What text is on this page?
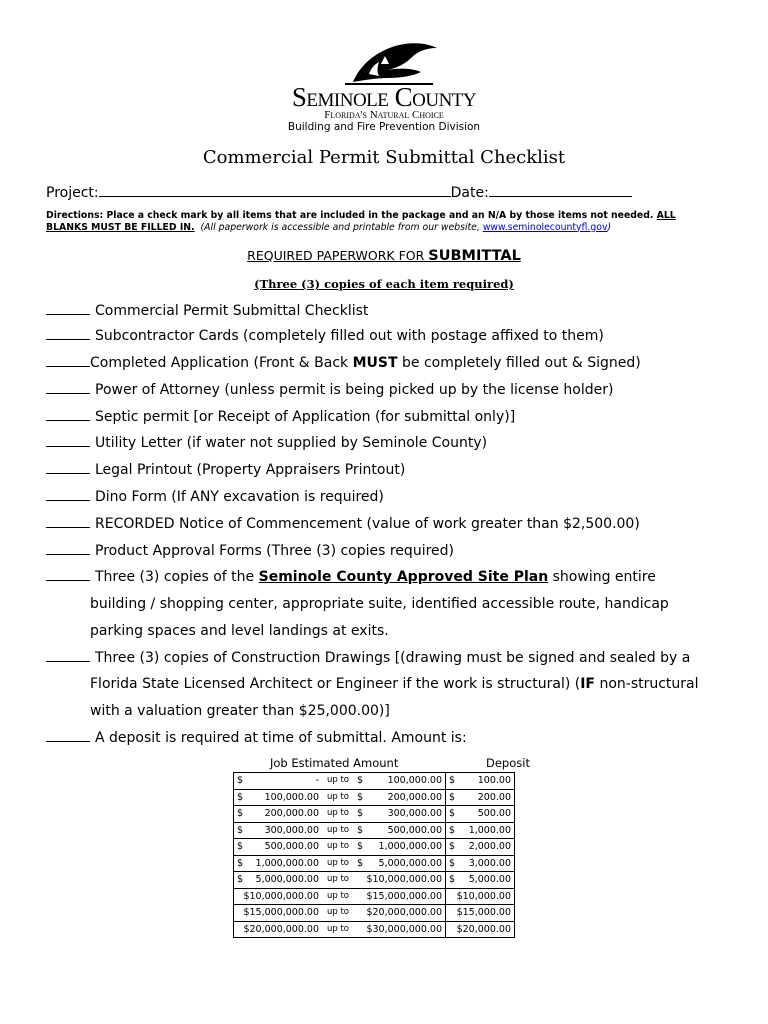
Seminole County
Florida's Natural Choice
Building and Fire Prevention Division
Commercial Permit Submittal Checklist
Project:	Date:
Directions: Place a check mark by all items that are included in the package and an N/A by those items not needed. ALL BLANKS MUST BE FILLED IN. (All paperwork is accessible and printable from our website, www.seminolecountyfl.gov)
REQUIRED PAPERWORK FOR SUBMITTAL
(Three (3) copies of each item required)
Commercial Permit Submittal Checklist
Subcontractor Cards (completely filled out with postage affixed to them)
Completed Application (Front & Back MUST be completely filled out & Signed)
Power of Attorney (unless permit is being picked up by the license holder)
Septic permit [or Receipt of Application (for submittal only)]
Utility Letter (if water not supplied by Seminole County)
Legal Printout (Property Appraisers Printout)
Dino Form (If ANY excavation is required)
RECORDED Notice of Commencement (value of work greater than $2,500.00)
Product Approval Forms (Three (3) copies required)
Three (3) copies of the Seminole County Approved Site Plan showing entire
building / shopping center, appropriate suite, identified accessible route, handicap
parking spaces and level landings at exits.
Three (3) copies of Construction Drawings [(drawing must be signed and sealed by a
Florida State Licensed Architect or Engineer if the work is structural) (IF non-structural
with a valuation greater than $25,000.00)]
A deposit is required at time of submittal. Amount is:
Job Estimated Amount	Deposit
$ -	up to	$ 100,000.00	$ 100.00

$ 100,000.00	up to	$ 200,000.00	$ 200.00

$ 200,000.00	up to	$ 300,000.00	$ 500.00

$ 300,000.00	up to	$ 500,000.00	$ 1,000.00

$ 500,000.00	up to	$ 1,000,000.00	$ 2,000.00

$ 1,000,000.00	up to	$ 5,000,000.00	$ 3,000.00

$ 5,000,000.00	up to	$10,000,000.00	$ 5,000.00

$10,000,000.00	up to	$15,000,000.00	$10,000.00

$15,000,000.00	up to	$20,000,000.00	$15,000.00

$20,000,000.00	up to	$30,000,000.00	$20,000.00
